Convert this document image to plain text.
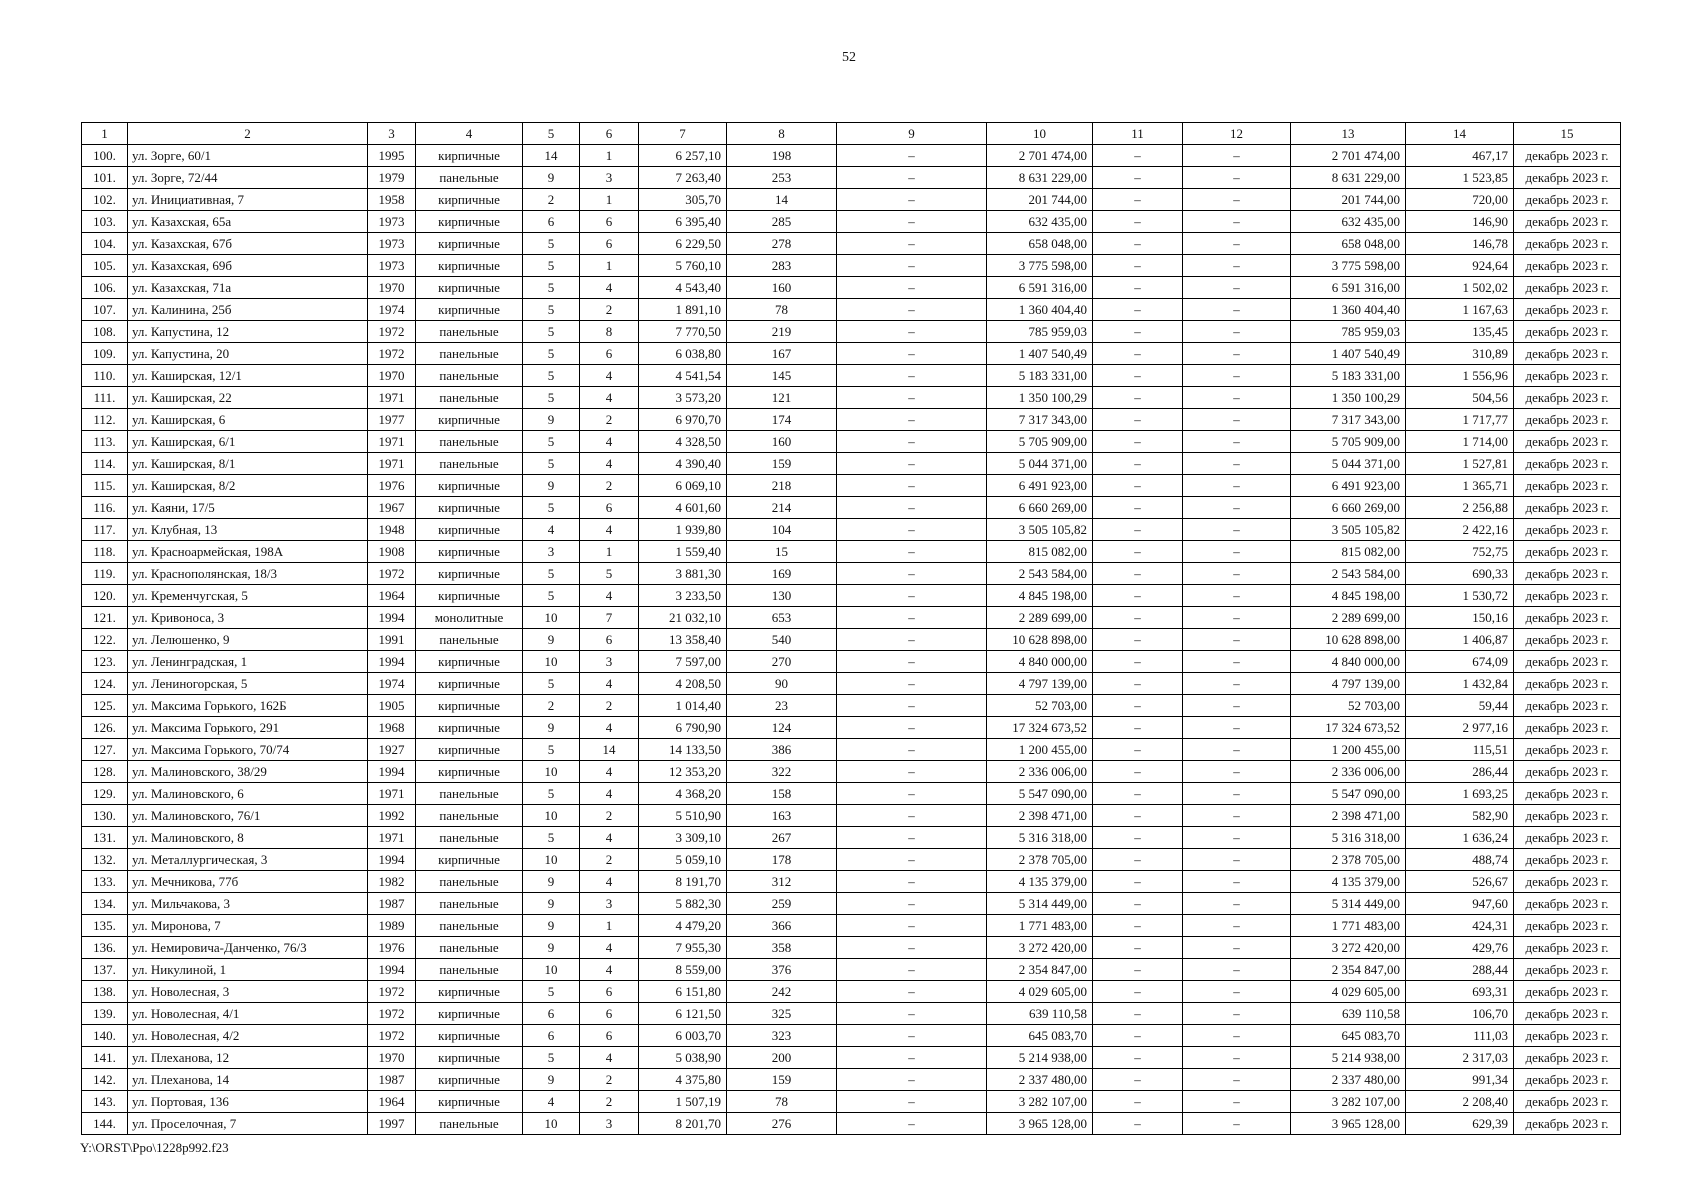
52
1	2	3	4	5	6	7	8	9	10	11	12	13	14	15
100.	ул. Зорге, 60/1	1995	кирпичные	14	1	6 257,10	198	–	2 701 474,00	–	–	2 701 474,00	467,17	декабрь 2023 г.
101.	ул. Зорге, 72/44	1979	панельные	9	3	7 263,40	253	–	8 631 229,00	–	–	8 631 229,00	1 523,85	декабрь 2023 г.
102.	ул. Инициативная, 7	1958	кирпичные	2	1	305,70	14	–	201 744,00	–	–	201 744,00	720,00	декабрь 2023 г.
103.	ул. Казахская, 65а	1973	кирпичные	6	6	6 395,40	285	–	632 435,00	–	–	632 435,00	146,90	декабрь 2023 г.
104.	ул. Казахская, 67б	1973	кирпичные	5	6	6 229,50	278	–	658 048,00	–	–	658 048,00	146,78	декабрь 2023 г.
105.	ул. Казахская, 69б	1973	кирпичные	5	1	5 760,10	283	–	3 775 598,00	–	–	3 775 598,00	924,64	декабрь 2023 г.
106.	ул. Казахская, 71а	1970	кирпичные	5	4	4 543,40	160	–	6 591 316,00	–	–	6 591 316,00	1 502,02	декабрь 2023 г.
107.	ул. Калинина, 25б	1974	кирпичные	5	2	1 891,10	78	–	1 360 404,40	–	–	1 360 404,40	1 167,63	декабрь 2023 г.
108.	ул. Капустина, 12	1972	панельные	5	8	7 770,50	219	–	785 959,03	–	–	785 959,03	135,45	декабрь 2023 г.
109.	ул. Капустина, 20	1972	панельные	5	6	6 038,80	167	–	1 407 540,49	–	–	1 407 540,49	310,89	декабрь 2023 г.
110.	ул. Каширская, 12/1	1970	панельные	5	4	4 541,54	145	–	5 183 331,00	–	–	5 183 331,00	1 556,96	декабрь 2023 г.
111.	ул. Каширская, 22	1971	панельные	5	4	3 573,20	121	–	1 350 100,29	–	–	1 350 100,29	504,56	декабрь 2023 г.
112.	ул. Каширская, 6	1977	кирпичные	9	2	6 970,70	174	–	7 317 343,00	–	–	7 317 343,00	1 717,77	декабрь 2023 г.
113.	ул. Каширская, 6/1	1971	панельные	5	4	4 328,50	160	–	5 705 909,00	–	–	5 705 909,00	1 714,00	декабрь 2023 г.
114.	ул. Каширская, 8/1	1971	панельные	5	4	4 390,40	159	–	5 044 371,00	–	–	5 044 371,00	1 527,81	декабрь 2023 г.
115.	ул. Каширская, 8/2	1976	кирпичные	9	2	6 069,10	218	–	6 491 923,00	–	–	6 491 923,00	1 365,71	декабрь 2023 г.
116.	ул. Каяни, 17/5	1967	кирпичные	5	6	4 601,60	214	–	6 660 269,00	–	–	6 660 269,00	2 256,88	декабрь 2023 г.
117.	ул. Клубная, 13	1948	кирпичные	4	4	1 939,80	104	–	3 505 105,82	–	–	3 505 105,82	2 422,16	декабрь 2023 г.
118.	ул. Красноармейская, 198А	1908	кирпичные	3	1	1 559,40	15	–	815 082,00	–	–	815 082,00	752,75	декабрь 2023 г.
119.	ул. Краснополянская, 18/3	1972	кирпичные	5	5	3 881,30	169	–	2 543 584,00	–	–	2 543 584,00	690,33	декабрь 2023 г.
120.	ул. Кременчугская, 5	1964	кирпичные	5	4	3 233,50	130	–	4 845 198,00	–	–	4 845 198,00	1 530,72	декабрь 2023 г.
121.	ул. Кривоноса, 3	1994	монолитные	10	7	21 032,10	653	–	2 289 699,00	–	–	2 289 699,00	150,16	декабрь 2023 г.
122.	ул. Лелюшенко, 9	1991	панельные	9	6	13 358,40	540	–	10 628 898,00	–	–	10 628 898,00	1 406,87	декабрь 2023 г.
123.	ул. Ленинградская, 1	1994	кирпичные	10	3	7 597,00	270	–	4 840 000,00	–	–	4 840 000,00	674,09	декабрь 2023 г.
124.	ул. Лениногорская, 5	1974	кирпичные	5	4	4 208,50	90	–	4 797 139,00	–	–	4 797 139,00	1 432,84	декабрь 2023 г.
125.	ул. Максима Горького, 162Б	1905	кирпичные	2	2	1 014,40	23	–	52 703,00	–	–	52 703,00	59,44	декабрь 2023 г.
126.	ул. Максима Горького, 291	1968	кирпичные	9	4	6 790,90	124	–	17 324 673,52	–	–	17 324 673,52	2 977,16	декабрь 2023 г.
127.	ул. Максима Горького, 70/74	1927	кирпичные	5	14	14 133,50	386	–	1 200 455,00	–	–	1 200 455,00	115,51	декабрь 2023 г.
128.	ул. Малиновского, 38/29	1994	кирпичные	10	4	12 353,20	322	–	2 336 006,00	–	–	2 336 006,00	286,44	декабрь 2023 г.
129.	ул. Малиновского, 6	1971	панельные	5	4	4 368,20	158	–	5 547 090,00	–	–	5 547 090,00	1 693,25	декабрь 2023 г.
130.	ул. Малиновского, 76/1	1992	панельные	10	2	5 510,90	163	–	2 398 471,00	–	–	2 398 471,00	582,90	декабрь 2023 г.
131.	ул. Малиновского, 8	1971	панельные	5	4	3 309,10	267	–	5 316 318,00	–	–	5 316 318,00	1 636,24	декабрь 2023 г.
132.	ул. Металлургическая, 3	1994	кирпичные	10	2	5 059,10	178	–	2 378 705,00	–	–	2 378 705,00	488,74	декабрь 2023 г.
133.	ул. Мечникова, 77б	1982	панельные	9	4	8 191,70	312	–	4 135 379,00	–	–	4 135 379,00	526,67	декабрь 2023 г.
134.	ул. Мильчакова, 3	1987	панельные	9	3	5 882,30	259	–	5 314 449,00	–	–	5 314 449,00	947,60	декабрь 2023 г.
135.	ул. Миронова, 7	1989	панельные	9	1	4 479,20	366	–	1 771 483,00	–	–	1 771 483,00	424,31	декабрь 2023 г.
136.	ул. Немировича-Данченко, 76/3	1976	панельные	9	4	7 955,30	358	–	3 272 420,00	–	–	3 272 420,00	429,76	декабрь 2023 г.
137.	ул. Никулиной, 1	1994	панельные	10	4	8 559,00	376	–	2 354 847,00	–	–	2 354 847,00	288,44	декабрь 2023 г.
138.	ул. Новолесная, 3	1972	кирпичные	5	6	6 151,80	242	–	4 029 605,00	–	–	4 029 605,00	693,31	декабрь 2023 г.
139.	ул. Новолесная, 4/1	1972	кирпичные	6	6	6 121,50	325	–	639 110,58	–	–	639 110,58	106,70	декабрь 2023 г.
140.	ул. Новолесная, 4/2	1972	кирпичные	6	6	6 003,70	323	–	645 083,70	–	–	645 083,70	111,03	декабрь 2023 г.
141.	ул. Плеханова, 12	1970	кирпичные	5	4	5 038,90	200	–	5 214 938,00	–	–	5 214 938,00	2 317,03	декабрь 2023 г.
142.	ул. Плеханова, 14	1987	кирпичные	9	2	4 375,80	159	–	2 337 480,00	–	–	2 337 480,00	991,34	декабрь 2023 г.
143.	ул. Портовая, 136	1964	кирпичные	4	2	1 507,19	78	–	3 282 107,00	–	–	3 282 107,00	2 208,40	декабрь 2023 г.
144.	ул. Проселочная, 7	1997	панельные	10	3	8 201,70	276	–	3 965 128,00	–	–	3 965 128,00	629,39	декабрь 2023 г.
Y:\ORST\Ppo\1228p992.f23
